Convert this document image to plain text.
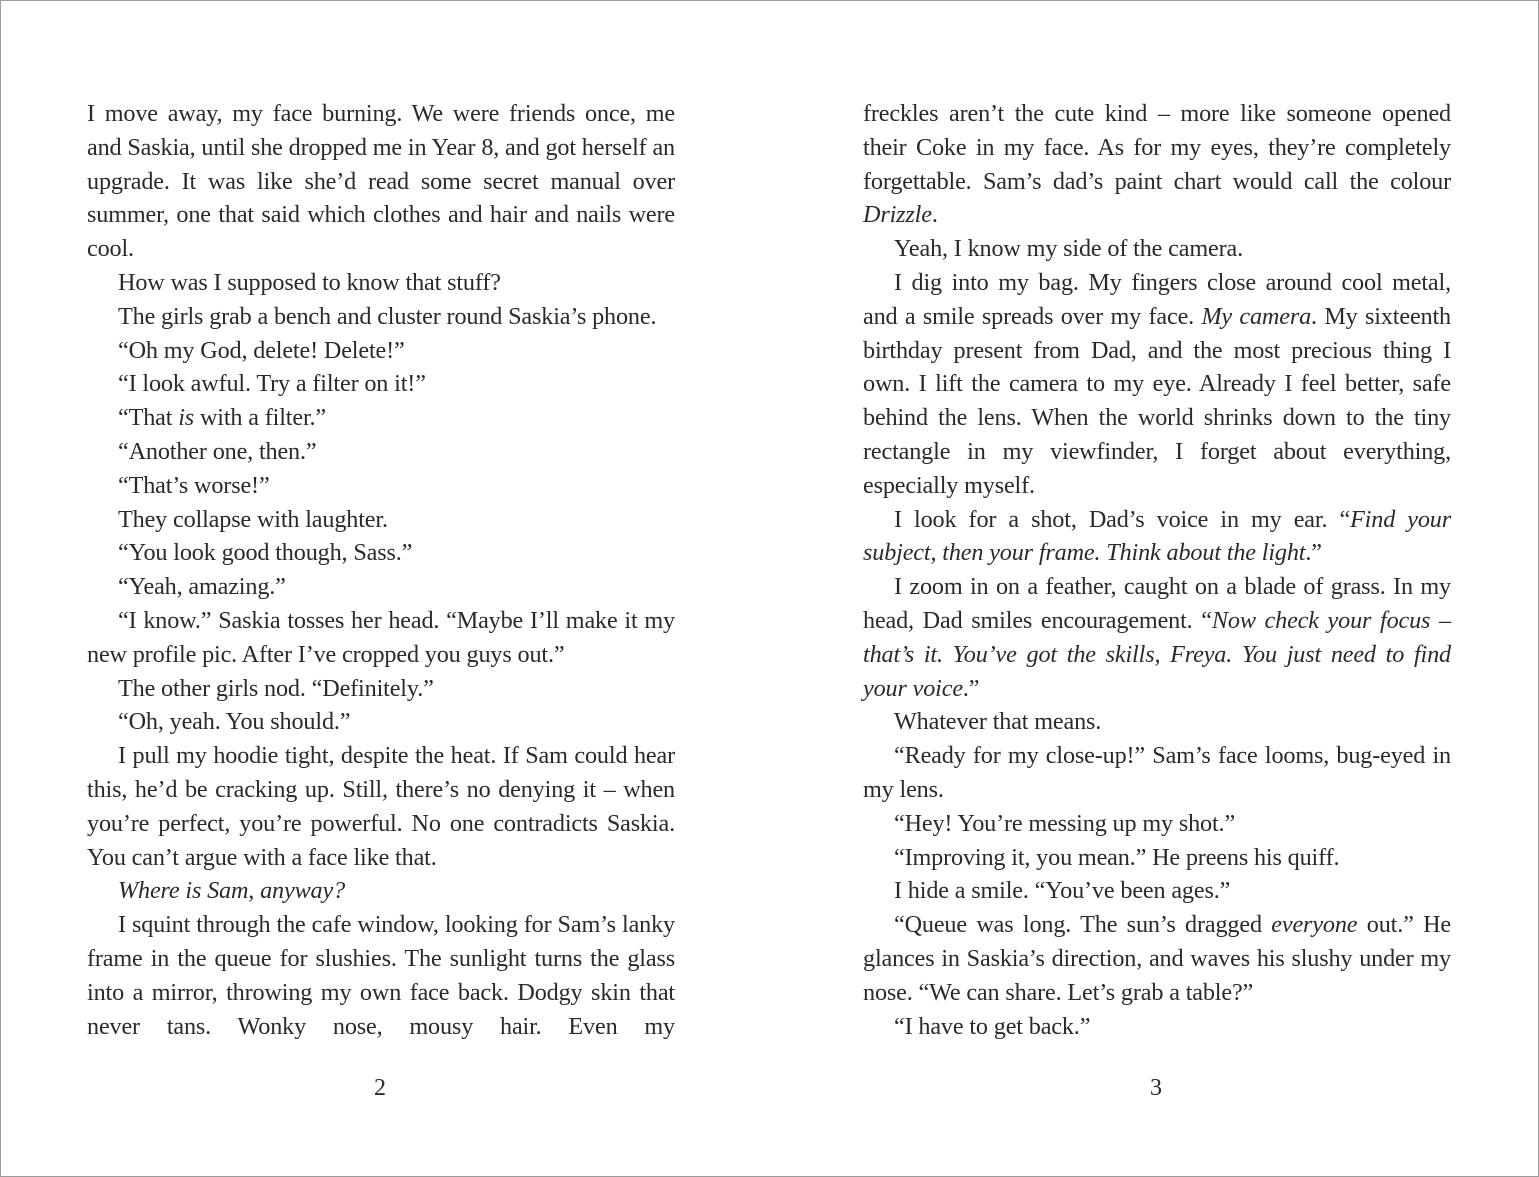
I move away, my face burning. We were friends once, me and Saskia, until she dropped me in Year 8, and got herself an upgrade. It was like she’d read some secret manual over summer, one that said which clothes and hair and nails were cool.

How was I supposed to know that stuff?

The girls grab a bench and cluster round Saskia’s phone.

“Oh my God, delete! Delete!”

“I look awful. Try a filter on it!”

“That is with a filter.”

“Another one, then.”

“That’s worse!”

They collapse with laughter.

“You look good though, Sass.”

“Yeah, amazing.”

“I know.” Saskia tosses her head. “Maybe I’ll make it my new profile pic. After I’ve cropped you guys out.”

The other girls nod. “Definitely.”

“Oh, yeah. You should.”

I pull my hoodie tight, despite the heat. If Sam could hear this, he’d be cracking up. Still, there’s no denying it – when you’re perfect, you’re powerful. No one contradicts Saskia. You can’t argue with a face like that.

Where is Sam, anyway?

I squint through the cafe window, looking for Sam’s lanky frame in the queue for slushies. The sunlight turns the glass into a mirror, throwing my own face back. Dodgy skin that never tans. Wonky nose, mousy hair. Even my

freckles aren’t the cute kind – more like someone opened their Coke in my face. As for my eyes, they’re completely forgettable. Sam’s dad’s paint chart would call the colour Drizzle.

Yeah, I know my side of the camera.

I dig into my bag. My fingers close around cool metal, and a smile spreads over my face. My camera. My sixteenth birthday present from Dad, and the most precious thing I own. I lift the camera to my eye. Already I feel better, safe behind the lens. When the world shrinks down to the tiny rectangle in my viewfinder, I forget about everything, especially myself.

I look for a shot, Dad’s voice in my ear. “Find your subject, then your frame. Think about the light.”

I zoom in on a feather, caught on a blade of grass. In my head, Dad smiles encouragement. “Now check your focus – that’s it. You’ve got the skills, Freya. You just need to find your voice.”

Whatever that means.

“Ready for my close-up!” Sam’s face looms, bug-eyed in my lens.

“Hey! You’re messing up my shot.”

“Improving it, you mean.” He preens his quiff.

I hide a smile. “You’ve been ages.”

“Queue was long. The sun’s dragged everyone out.” He glances in Saskia’s direction, and waves his slushy under my nose. “We can share. Let’s grab a table?”

“I have to get back.”

2	3
